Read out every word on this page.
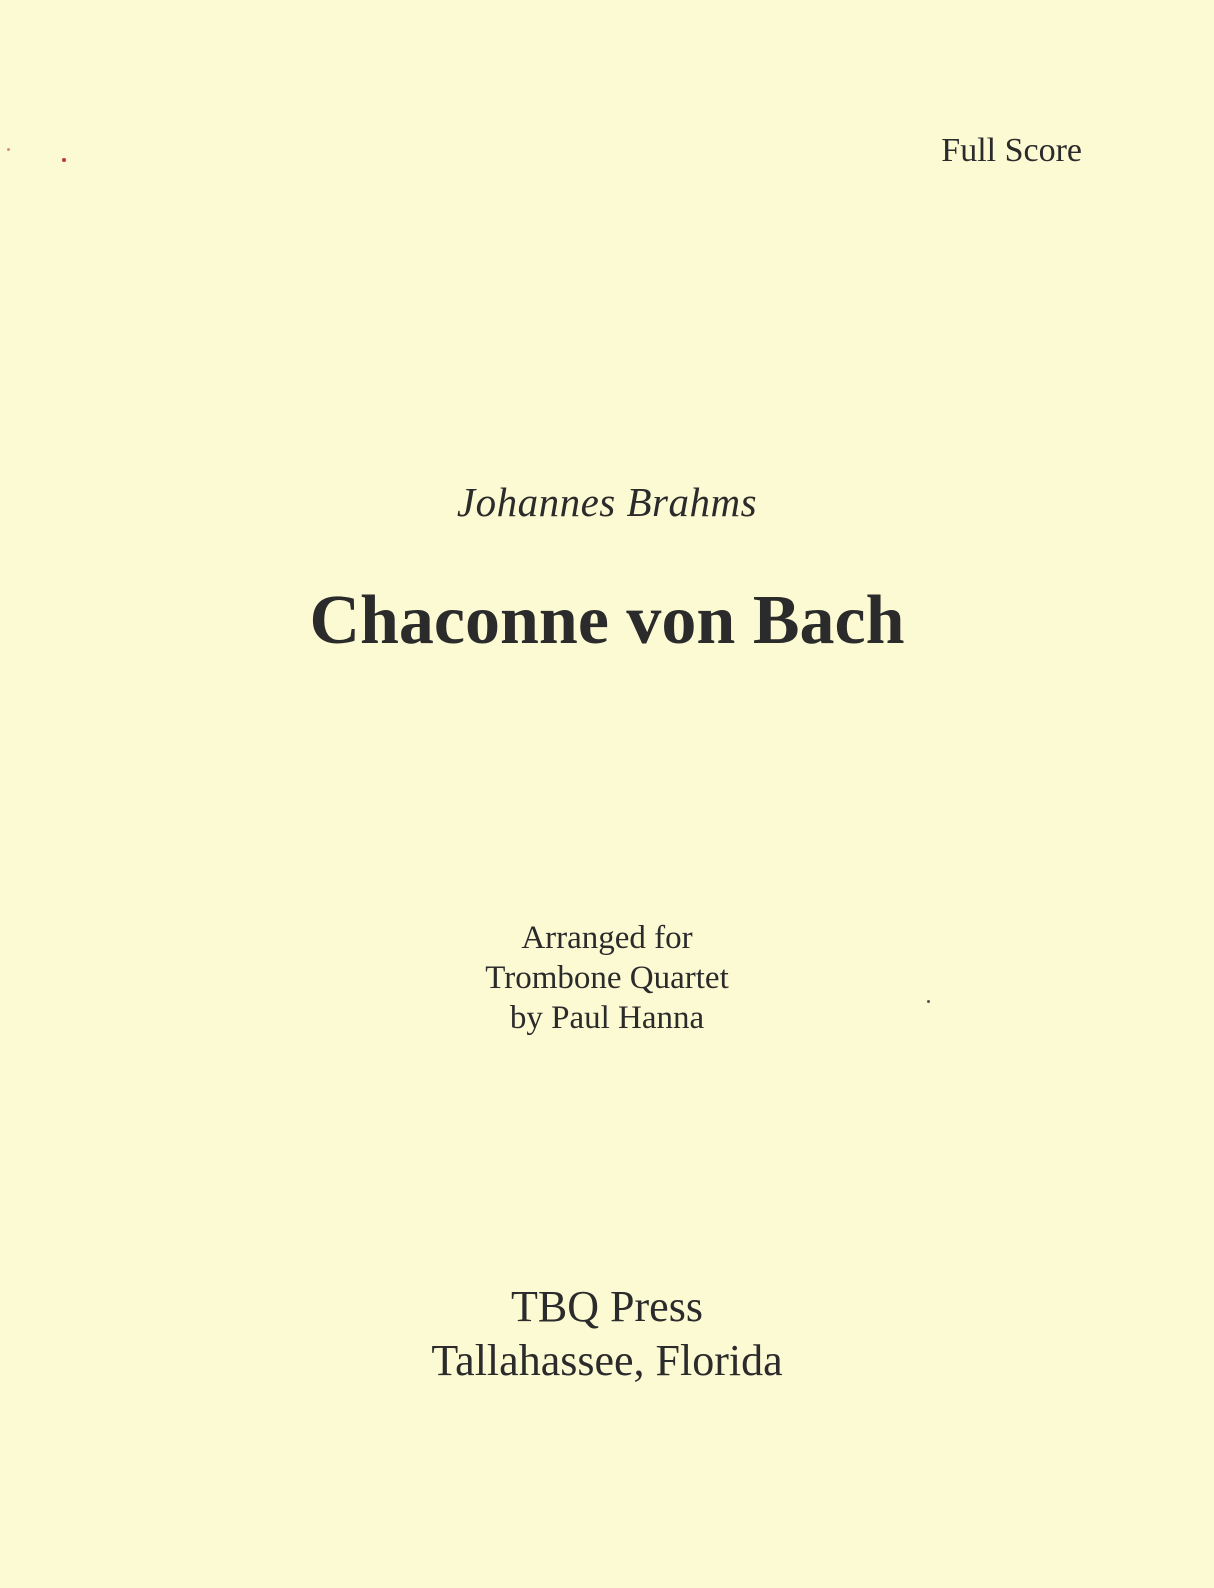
Full Score
Johannes Brahms
Chaconne von Bach
Arranged for
Trombone Quartet
by Paul Hanna
TBQ Press
Tallahassee, Florida
